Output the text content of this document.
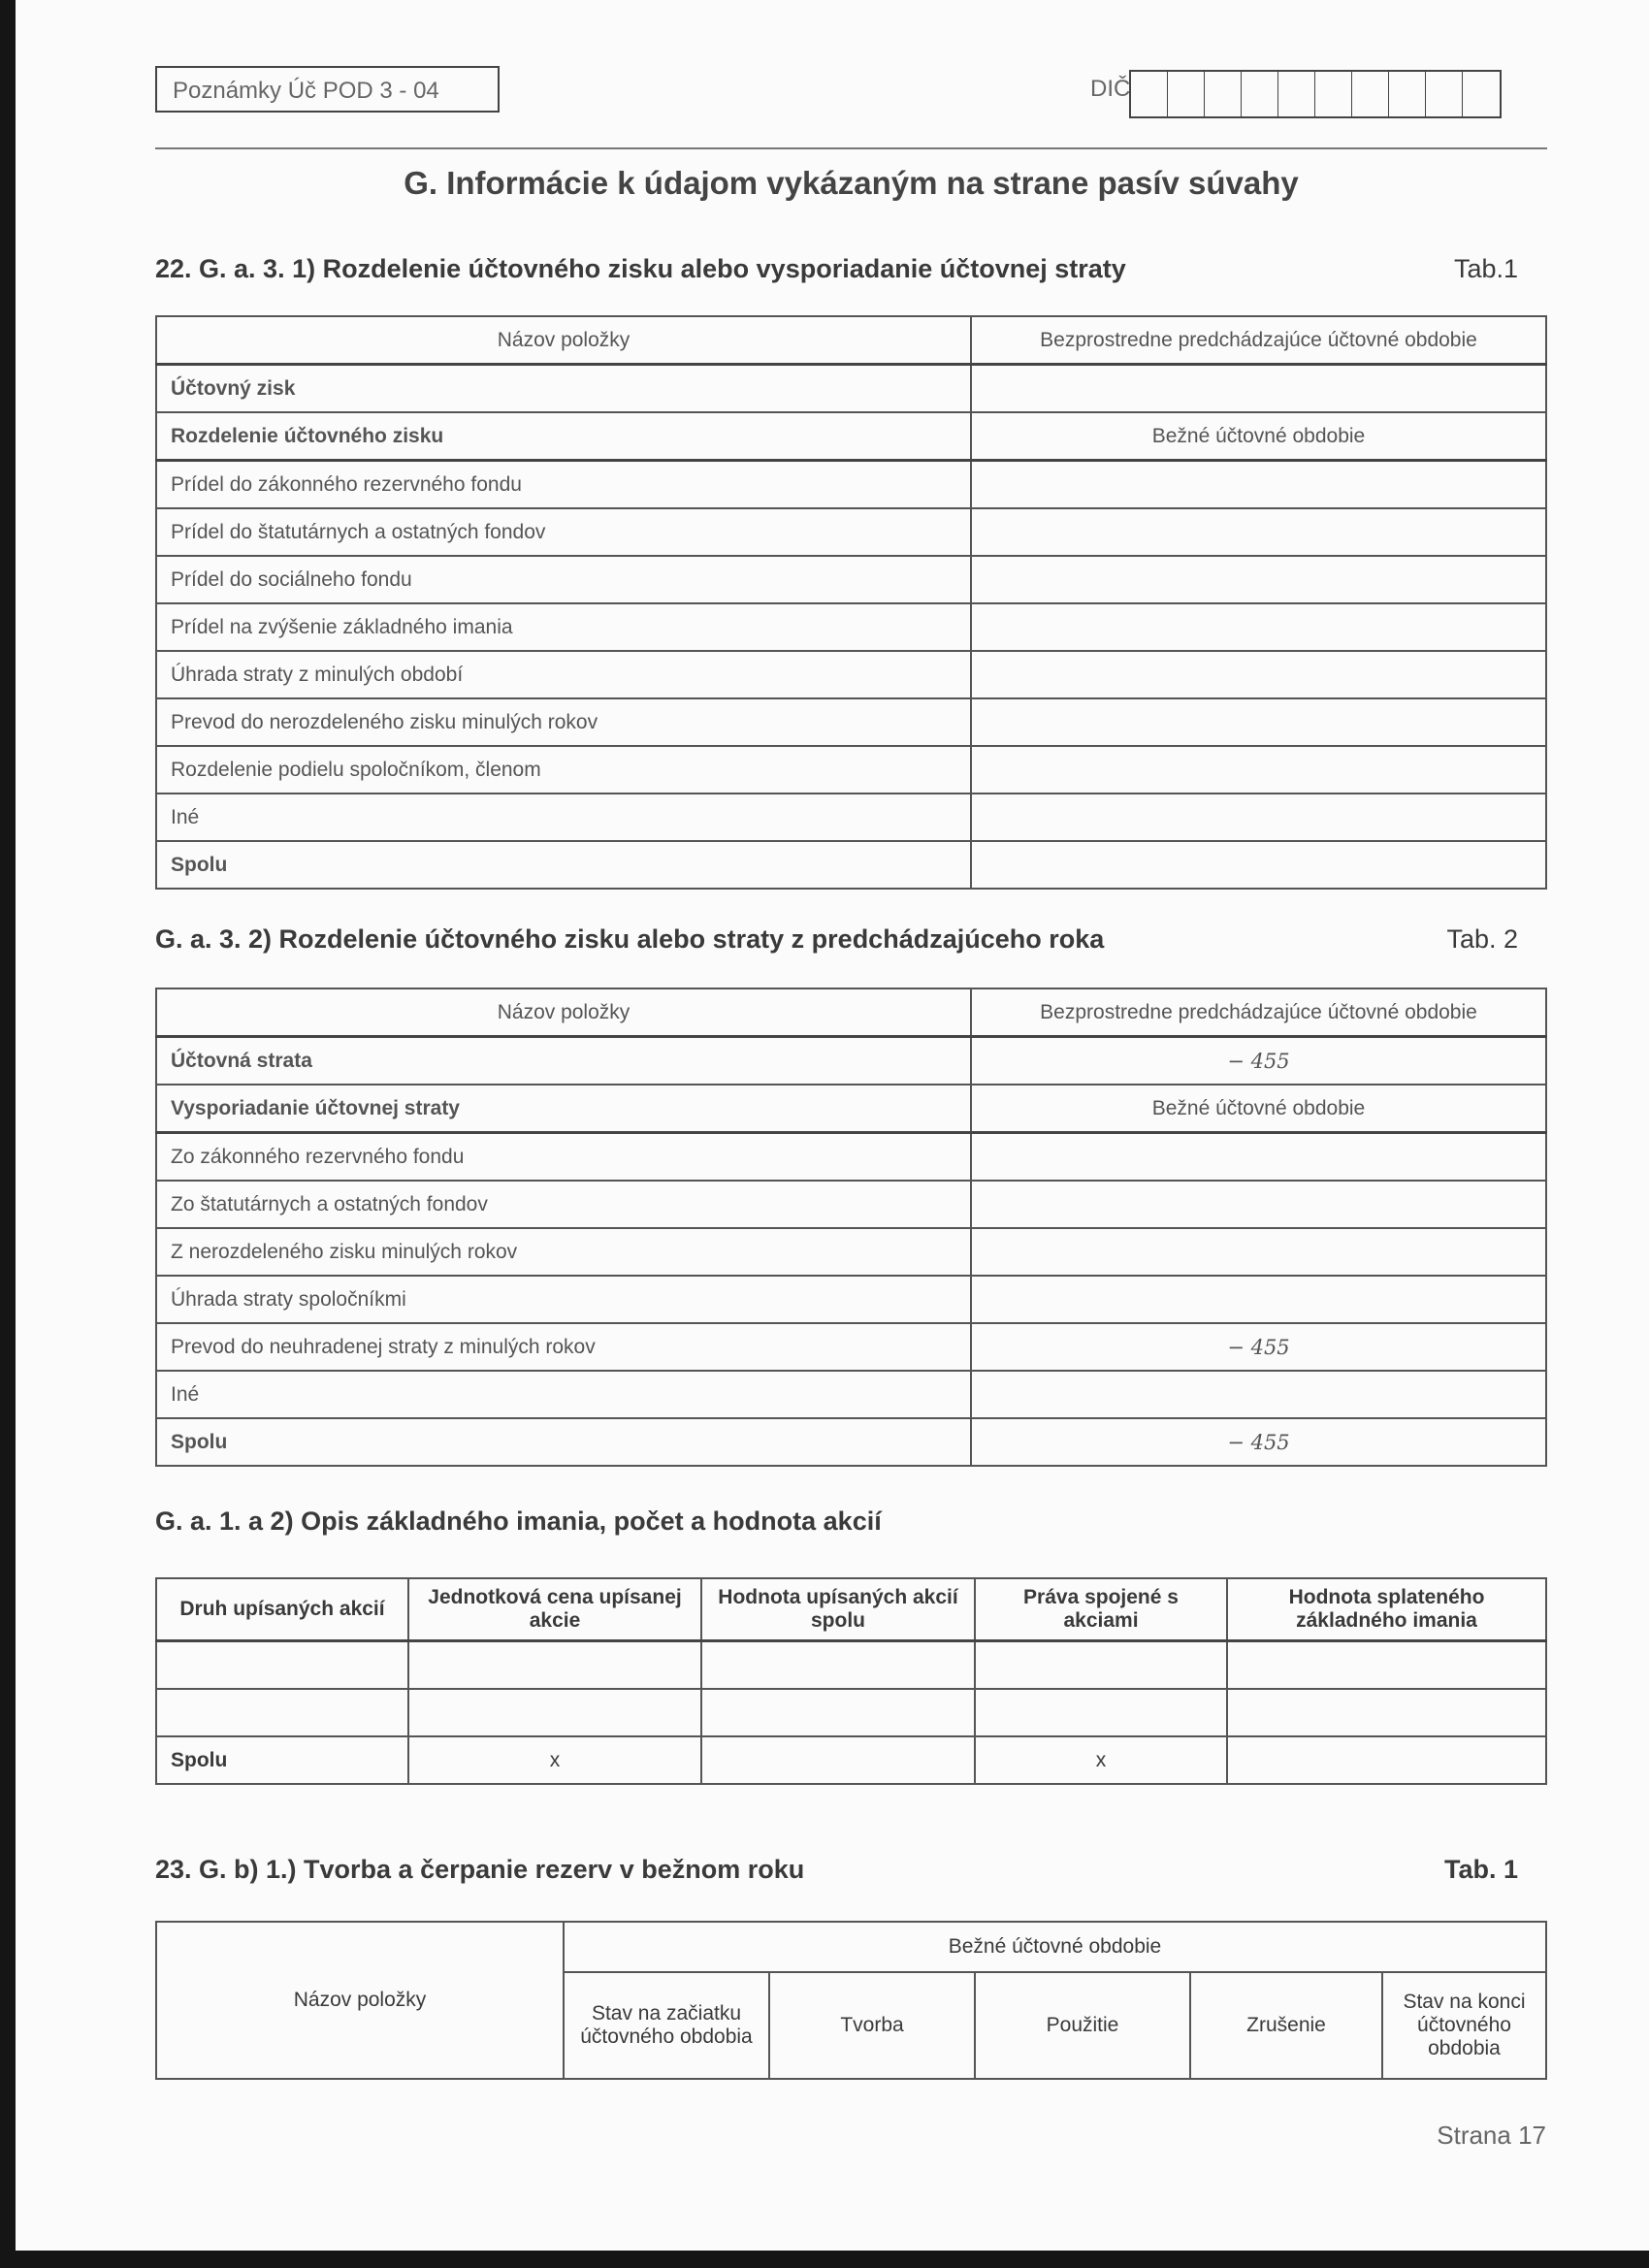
Poznámky Úč POD 3 - 04	DIČ
G. Informácie k údajom vykázaným na strane pasív súvahy
22. G. a. 3. 1) Rozdelenie účtovného zisku alebo vysporiadanie účtovnej straty	Tab.1
Názov položky	Bezprostredne predchádzajúce účtovné obdobie
Účtovný zisk	
Rozdelenie účtovného zisku	Bežné účtovné obdobie
Prídel do zákonného rezervného fondu	
Prídel do štatutárnych a ostatných fondov	
Prídel do sociálneho fondu	
Prídel na zvýšenie základného imania	
Úhrada straty z minulých období	
Prevod do nerozdeleného zisku minulých rokov	
Rozdelenie podielu spoločníkom, členom	
Iné	
Spolu	
G. a. 3. 2) Rozdelenie účtovného zisku alebo straty z predchádzajúceho roka	Tab. 2
Názov položky	Bezprostredne predchádzajúce účtovné obdobie
Účtovná strata	− 455
Vysporiadanie účtovnej straty	Bežné účtovné obdobie
Zo zákonného rezervného fondu	
Zo štatutárnych a ostatných fondov	
Z nerozdeleného zisku minulých rokov	
Úhrada straty spoločníkmi	
Prevod do neuhradenej straty z minulých rokov	− 455
Iné	
Spolu	− 455
G. a. 1. a 2) Opis základného imania, počet a hodnota akcií
Druh upísaných akcií	Jednotková cena upísanej akcie	Hodnota upísaných akcií spolu	Práva spojené s akciami	Hodnota splateného základného imania

Spolu	x		x	
23. G. b) 1.) Tvorba a čerpanie rezerv v bežnom roku	Tab. 1
Názov položky	Bežné účtovné obdobie				
	Stav na začiatku účtovného obdobia	Tvorba	Použitie	Zrušenie	Stav na konci účtovného obdobia
Strana 17
